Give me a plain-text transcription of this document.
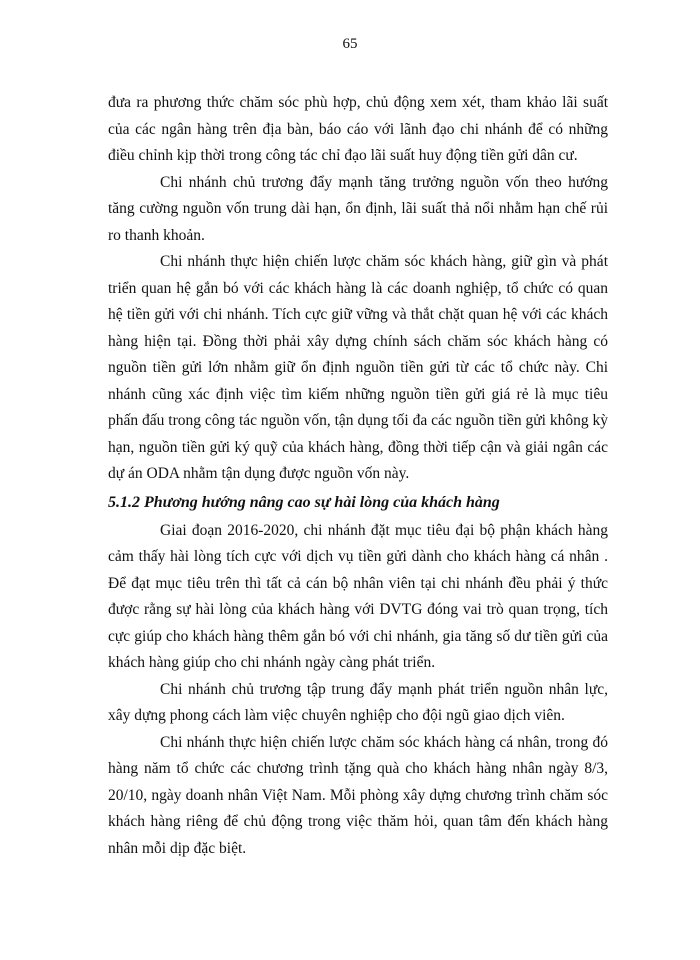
65

đưa ra phương thức chăm sóc phù hợp, chủ động xem xét, tham khảo lãi suất của các ngân hàng trên địa bàn, báo cáo với lãnh đạo chi nhánh để có những điều chỉnh kịp thời trong công tác chỉ đạo lãi suất huy động tiền gửi dân cư.

Chi nhánh chủ trương đẩy mạnh tăng trưởng nguồn vốn theo hướng tăng cường nguồn vốn trung dài hạn, ổn định, lãi suất thả nổi nhằm hạn chế rủi ro thanh khoản.

Chi nhánh thực hiện chiến lược chăm sóc khách hàng, giữ gìn và phát triển quan hệ gắn bó với các khách hàng là các doanh nghiệp, tổ chức có quan hệ tiền gửi với chi nhánh. Tích cực giữ vững và thắt chặt quan hệ với các khách hàng hiện tại. Đồng thời phải xây dựng chính sách chăm sóc khách hàng có nguồn tiền gửi lớn nhằm giữ ổn định nguồn tiền gửi từ các tổ chức này. Chi nhánh cũng xác định việc tìm kiếm những nguồn tiền gửi giá rẻ là mục tiêu phấn đấu trong công tác nguồn vốn, tận dụng tối đa các nguồn tiền gửi không kỳ hạn, nguồn tiền gửi ký quỹ của khách hàng, đồng thời tiếp cận và giải ngân các dự án ODA nhằm tận dụng được nguồn vốn này.

5.1.2 Phương hướng nâng cao sự hài lòng của khách hàng

Giai đoạn 2016-2020, chi nhánh đặt mục tiêu đại bộ phận khách hàng cảm thấy hài lòng tích cực với dịch vụ tiền gửi dành cho khách hàng cá nhân . Để đạt mục tiêu trên thì tất cả cán bộ nhân viên tại chi nhánh đều phải ý thức được rằng sự hài lòng của khách hàng với DVTG đóng vai trò quan trọng, tích cực giúp cho khách hàng thêm gắn bó với chi nhánh, gia tăng số dư tiền gửi của khách hàng giúp cho chi nhánh ngày càng phát triển.

Chi nhánh chủ trương tập trung đẩy mạnh phát triển nguồn nhân lực, xây dựng phong cách làm việc chuyên nghiệp cho đội ngũ giao dịch viên.

Chi nhánh thực hiện chiến lược chăm sóc khách hàng cá nhân, trong đó hàng năm tổ chức các chương trình tặng quà cho khách hàng nhân ngày 8/3, 20/10, ngày doanh nhân Việt Nam. Mỗi phòng xây dựng chương trình chăm sóc khách hàng riêng để chủ động trong việc thăm hỏi, quan tâm đến khách hàng nhân mỗi dịp đặc biệt.
